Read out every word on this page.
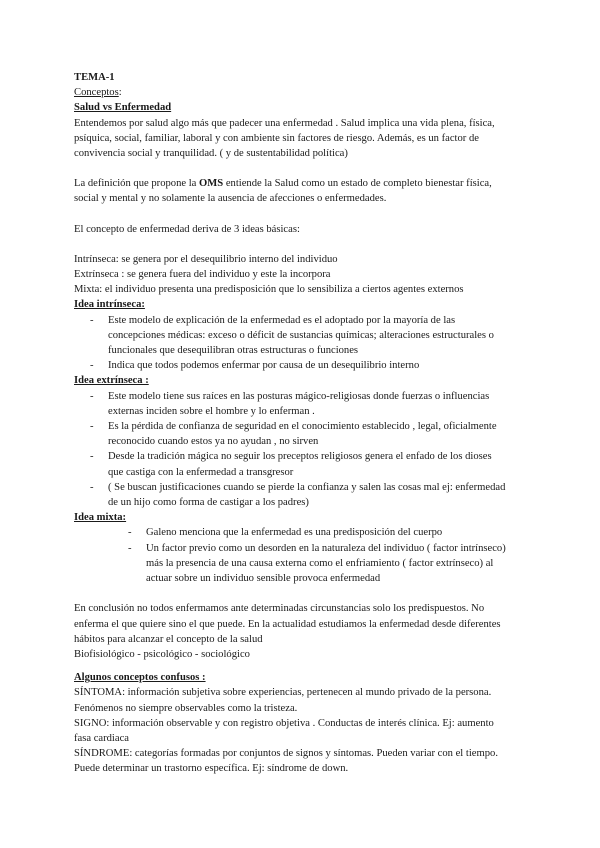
TEMA-1
Conceptos:
Salud vs Enfermedad
Entendemos por salud algo más que padecer una enfermedad . Salud implica una vida plena, física,
psíquica, social, familiar, laboral y con ambiente sin factores de riesgo. Además, es un factor de
convivencia social y tranquilidad. ( y de sustentabilidad política)
La definición que propone la OMS entiende la Salud como un estado de completo bienestar física,
social y mental y no solamente la ausencia de afecciones o enfermedades.
El concepto de enfermedad deriva de 3 ideas básicas:
Intrínseca: se genera por el desequilibrio interno del individuo
Extrínseca : se genera fuera del individuo y este la incorpora
Mixta: el individuo presenta una predisposición que lo sensibiliza a ciertos agentes externos
Idea intrínseca:
- Este modelo de explicación de la enfermedad es el adoptado por la mayoría de las
concepciones médicas: exceso o déficit de sustancias químicas; alteraciones estructurales o
funcionales que desequilibran otras estructuras o funciones
- Indica que todos podemos enfermar por causa de un desequilibrio interno
Idea extrínseca :
- Este modelo tiene sus raíces en las posturas mágico-religiosas donde fuerzas o influencias
externas inciden sobre el hombre y lo enferman .
- Es la pérdida de confianza de seguridad en el conocimiento establecido , legal, oficialmente
reconocido cuando estos ya no ayudan , no sirven
- Desde la tradición mágica no seguir los preceptos religiosos genera el enfado de los dioses
que castiga con la enfermedad a transgresor
- ( Se buscan justificaciones cuando se pierde la confianza y salen las cosas mal ej: enfermedad
de un hijo como forma de castigar a los padres)
Idea mixta:
- Galeno menciona que la enfermedad es una predisposición del cuerpo
- Un factor previo como un desorden en la naturaleza del individuo ( factor intrínseco)
más la presencia de una causa externa como el enfriamiento ( factor extrínseco) al
actuar sobre un individuo sensible provoca enfermedad
En conclusión no todos enfermamos ante determinadas circunstancias solo los predispuestos. No
enferma el que quiere sino el que puede. En la actualidad estudiamos la enfermedad desde diferentes
hábitos para alcanzar el concepto de la salud
Biofisiológico - psicológico - sociológico
Algunos conceptos confusos :
SÍNTOMA: información subjetiva sobre experiencias, pertenecen al mundo privado de la persona.
Fenómenos no siempre observables como la tristeza.
SIGNO: información observable y con registro objetiva . Conductas de interés clínica. Ej: aumento
fasa cardiaca
SÍNDROME: categorías formadas por conjuntos de signos y síntomas. Pueden variar con el tiempo.
Puede determinar un trastorno específica. Ej: síndrome de down.
